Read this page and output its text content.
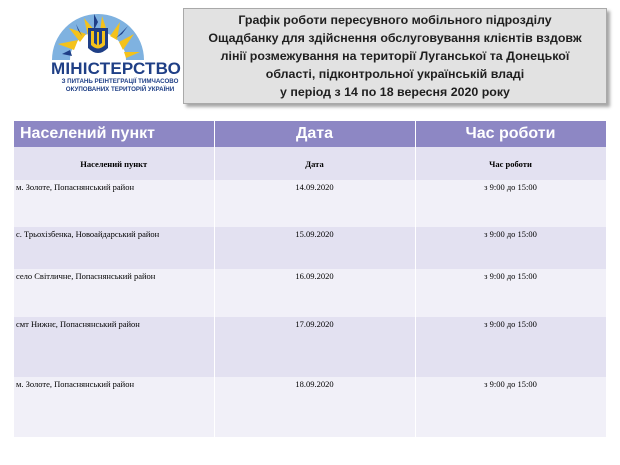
МІНІСТЕРСТВО
З ПИТАНЬ РЕІНТЕГРАЦІЇ ТИМЧАСОВО
ОКУПОВАНИХ ТЕРИТОРІЙ УКРАЇНИ
Графік роботи пересувного мобільного підрозділу
Ощадбанку для здійснення обслуговування клієнтів вздовж
лінії розмежування на території Луганської та Донецької
області, підконтрольної українській владі
у період з 14 по 18 вересня 2020 року
Населений пункт	Дата	Час роботи
Населений пункт	Дата	Час роботи
м. Золоте, Попаснянський район	14.09.2020	з 9:00 до 15:00
с. Трьохізбенка, Новоайдарський район	15.09.2020	з 9:00 до 15:00
село Світличне, Попаснянський район	16.09.2020	з 9:00 до 15:00
смт Нижнє, Попаснянський район	17.09.2020	з 9:00 до 15:00
м. Золоте, Попаснянський район	18.09.2020	з 9:00 до 15:00
